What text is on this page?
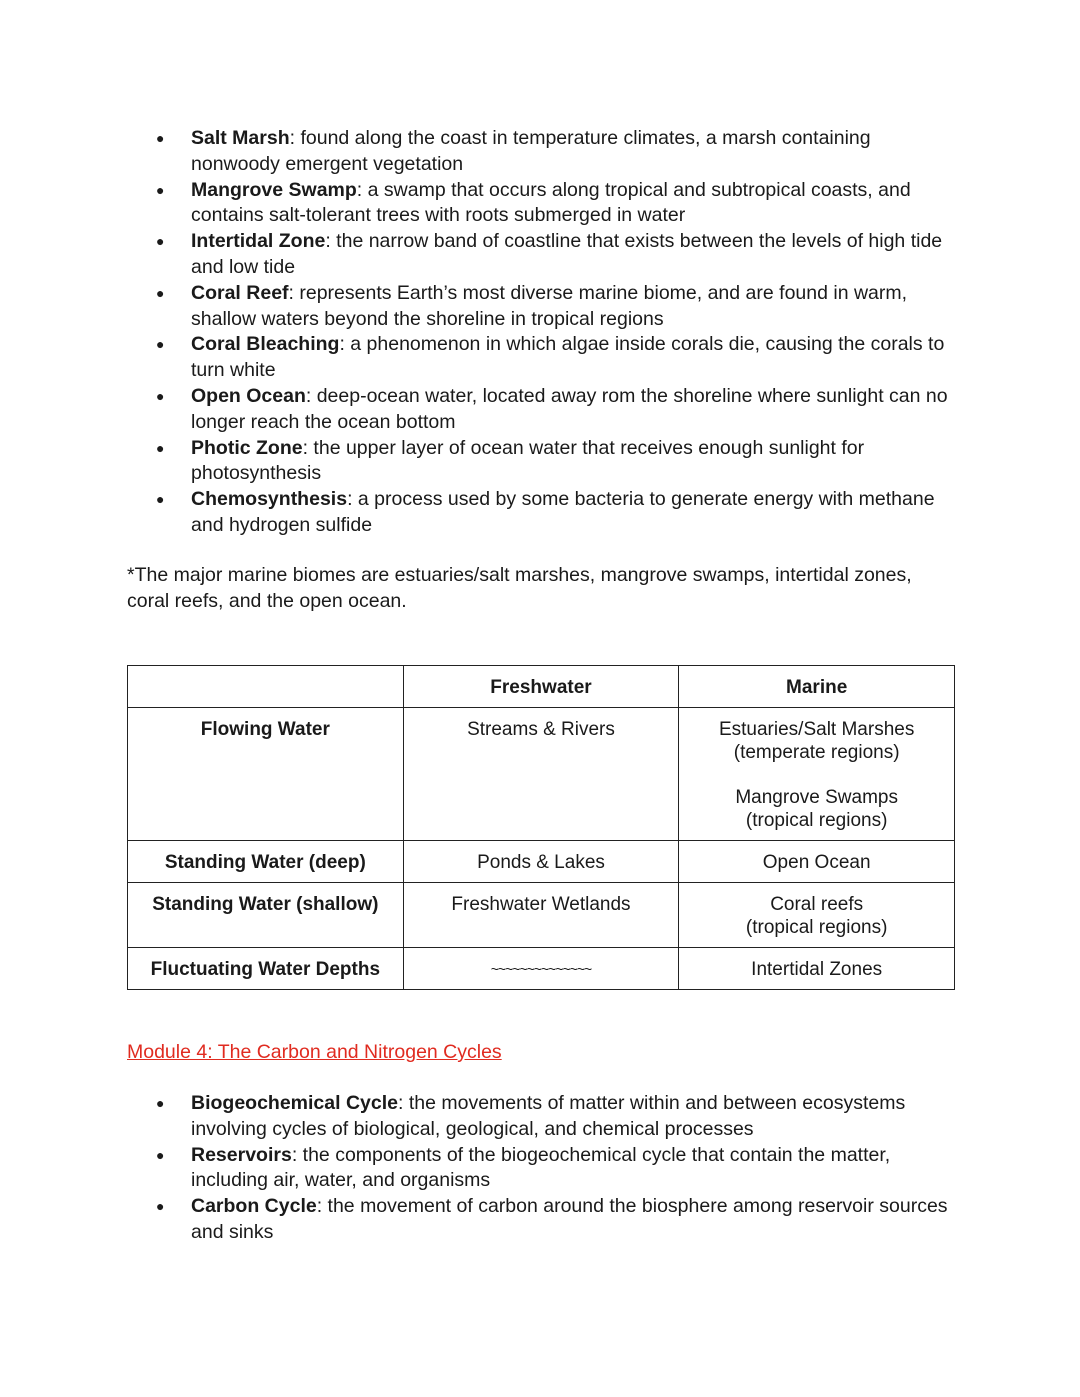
● Salt Marsh: found along the coast in temperature climates, a marsh containing nonwoody emergent vegetation
● Mangrove Swamp: a swamp that occurs along tropical and subtropical coasts, and contains salt-tolerant trees with roots submerged in water
● Intertidal Zone: the narrow band of coastline that exists between the levels of high tide and low tide
● Coral Reef: represents Earth’s most diverse marine biome, and are found in warm, shallow waters beyond the shoreline in tropical regions
● Coral Bleaching: a phenomenon in which algae inside corals die, causing the corals to turn white
● Open Ocean: deep-ocean water, located away rom the shoreline where sunlight can no longer reach the ocean bottom
● Photic Zone: the upper layer of ocean water that receives enough sunlight for photosynthesis
● Chemosynthesis: a process used by some bacteria to generate energy with methane and hydrogen sulfide

*The major marine biomes are estuaries/salt marshes, mangrove swamps, intertidal zones, coral reefs, and the open ocean.

	Freshwater	Marine
Flowing Water	Streams & Rivers	Estuaries/Salt Marshes
(temperate regions)
Mangrove Swamps
(tropical regions)

Standing Water (deep)	Ponds & Lakes	Open Ocean

Standing Water (shallow)	Freshwater Wetlands	Coral reefs
(tropical regions)

Fluctuating Water Depths	~~~~~~~~~~~~~~	Intertidal Zones
Module 4: The Carbon and Nitrogen Cycles
● Biogeochemical Cycle: the movements of matter within and between ecosystems involving cycles of biological, geological, and chemical processes
● Reservoirs: the components of the biogeochemical cycle that contain the matter, including air, water, and organisms
● Carbon Cycle: the movement of carbon around the biosphere among reservoir sources and sinks
